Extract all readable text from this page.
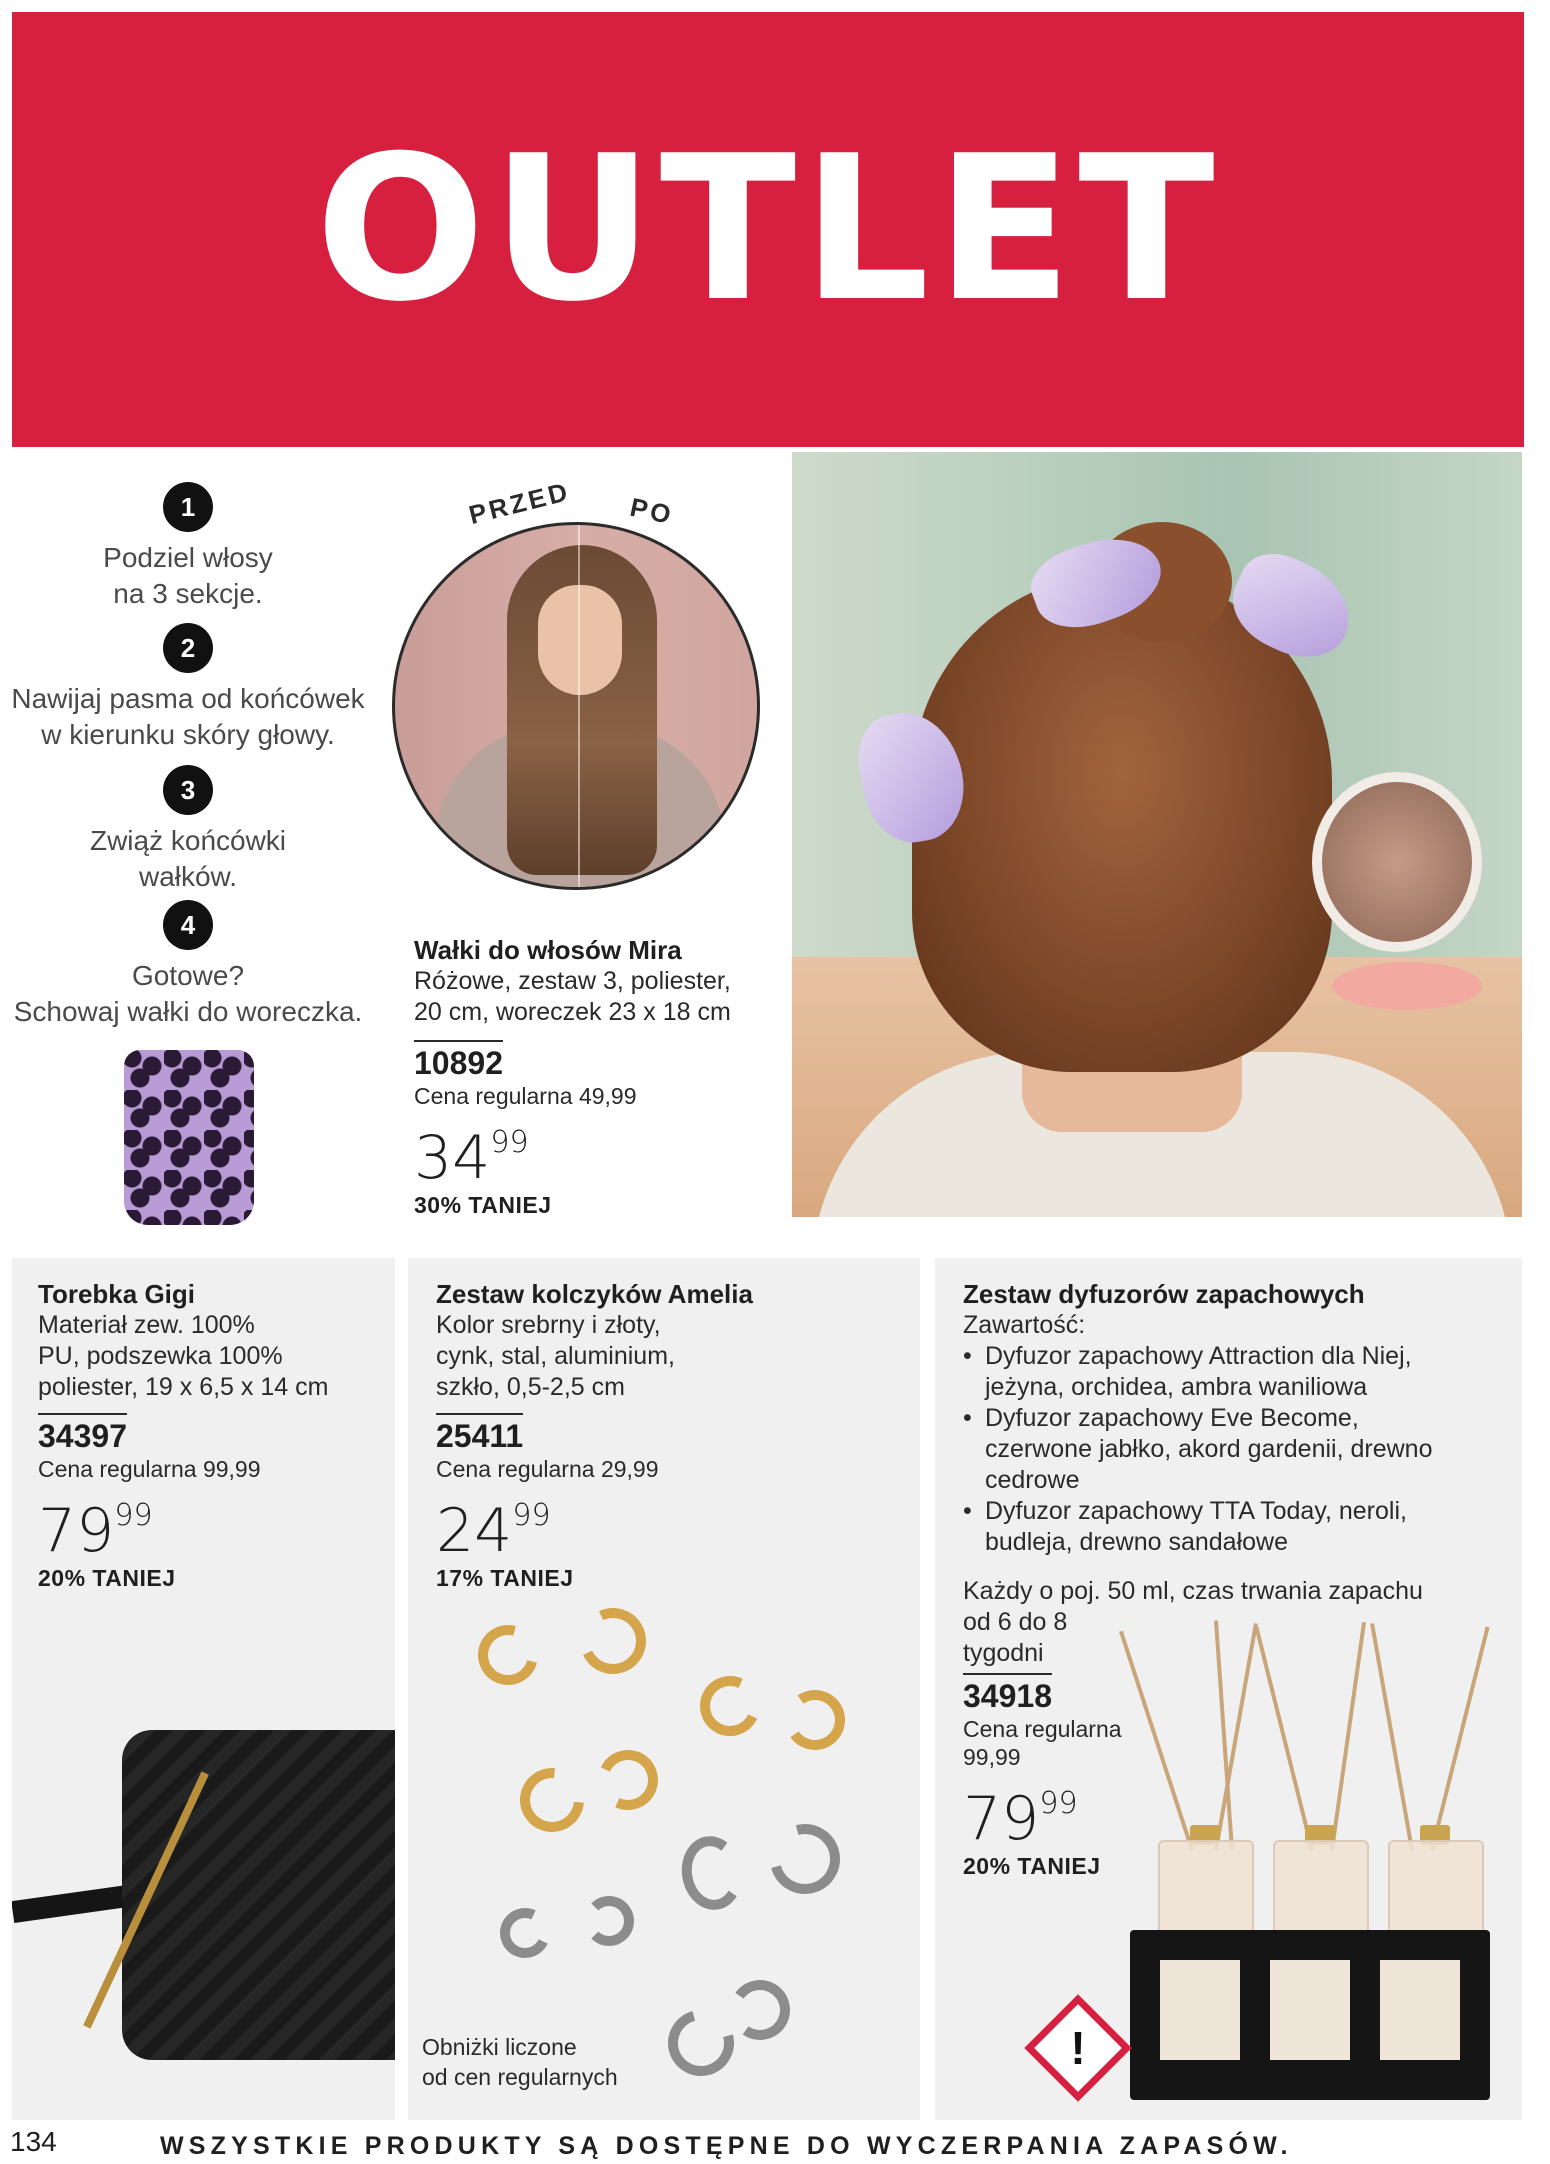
OUTLET
1
Podziel włosy
na 3 sekcje.
2
Nawijaj pasma od końcówek
w kierunku skóry głowy.
3
Zwiąż końcówki
wałków.
4
Gotowe?
Schowaj wałki do woreczka.
PRZED PO
Wałki do włosów Mira
Różowe, zestaw 3, poliester,
20 cm, woreczek 23 x 18 cm
10892
Cena regularna 49,99
$34^{99}$
30% TANIEJ
Torebka Gigi
Materiał zew. 100%
PU, podszewka 100%
poliester, 19 x 6,5 x 14 cm
34397
Cena regularna 99,99
$79^{99}$
20% TANIEJ
Zestaw kolczyków Amelia
Kolor srebrny i złoty,
cynk, stal, aluminium,
szkło, 0,5-2,5 cm
25411
Cena regularna 29,99
$24^{99}$
17% TANIEJ
Obniżki liczone
od cen regularnych
Zestaw dyfuzorów zapachowych
Zawartość:
• Dyfuzor zapachowy Attraction dla Niej,
jeżyna, orchidea, ambra waniliowa
• Dyfuzor zapachowy Eve Become,
czerwone jabłko, akord gardenii, drewno
cedrowe
• Dyfuzor zapachowy TTA Today, neroli,
budleja, drewno sandałowe
Każdy o poj. 50 ml, czas trwania zapachu
od 6 do 8
tygodni
34918
Cena regularna
99,99
$79^{99}$
20% TANIEJ
!
134	WSZYSTKIE PRODUKTY SĄ DOSTĘPNE DO WYCZERPANIA ZAPASÓW.
